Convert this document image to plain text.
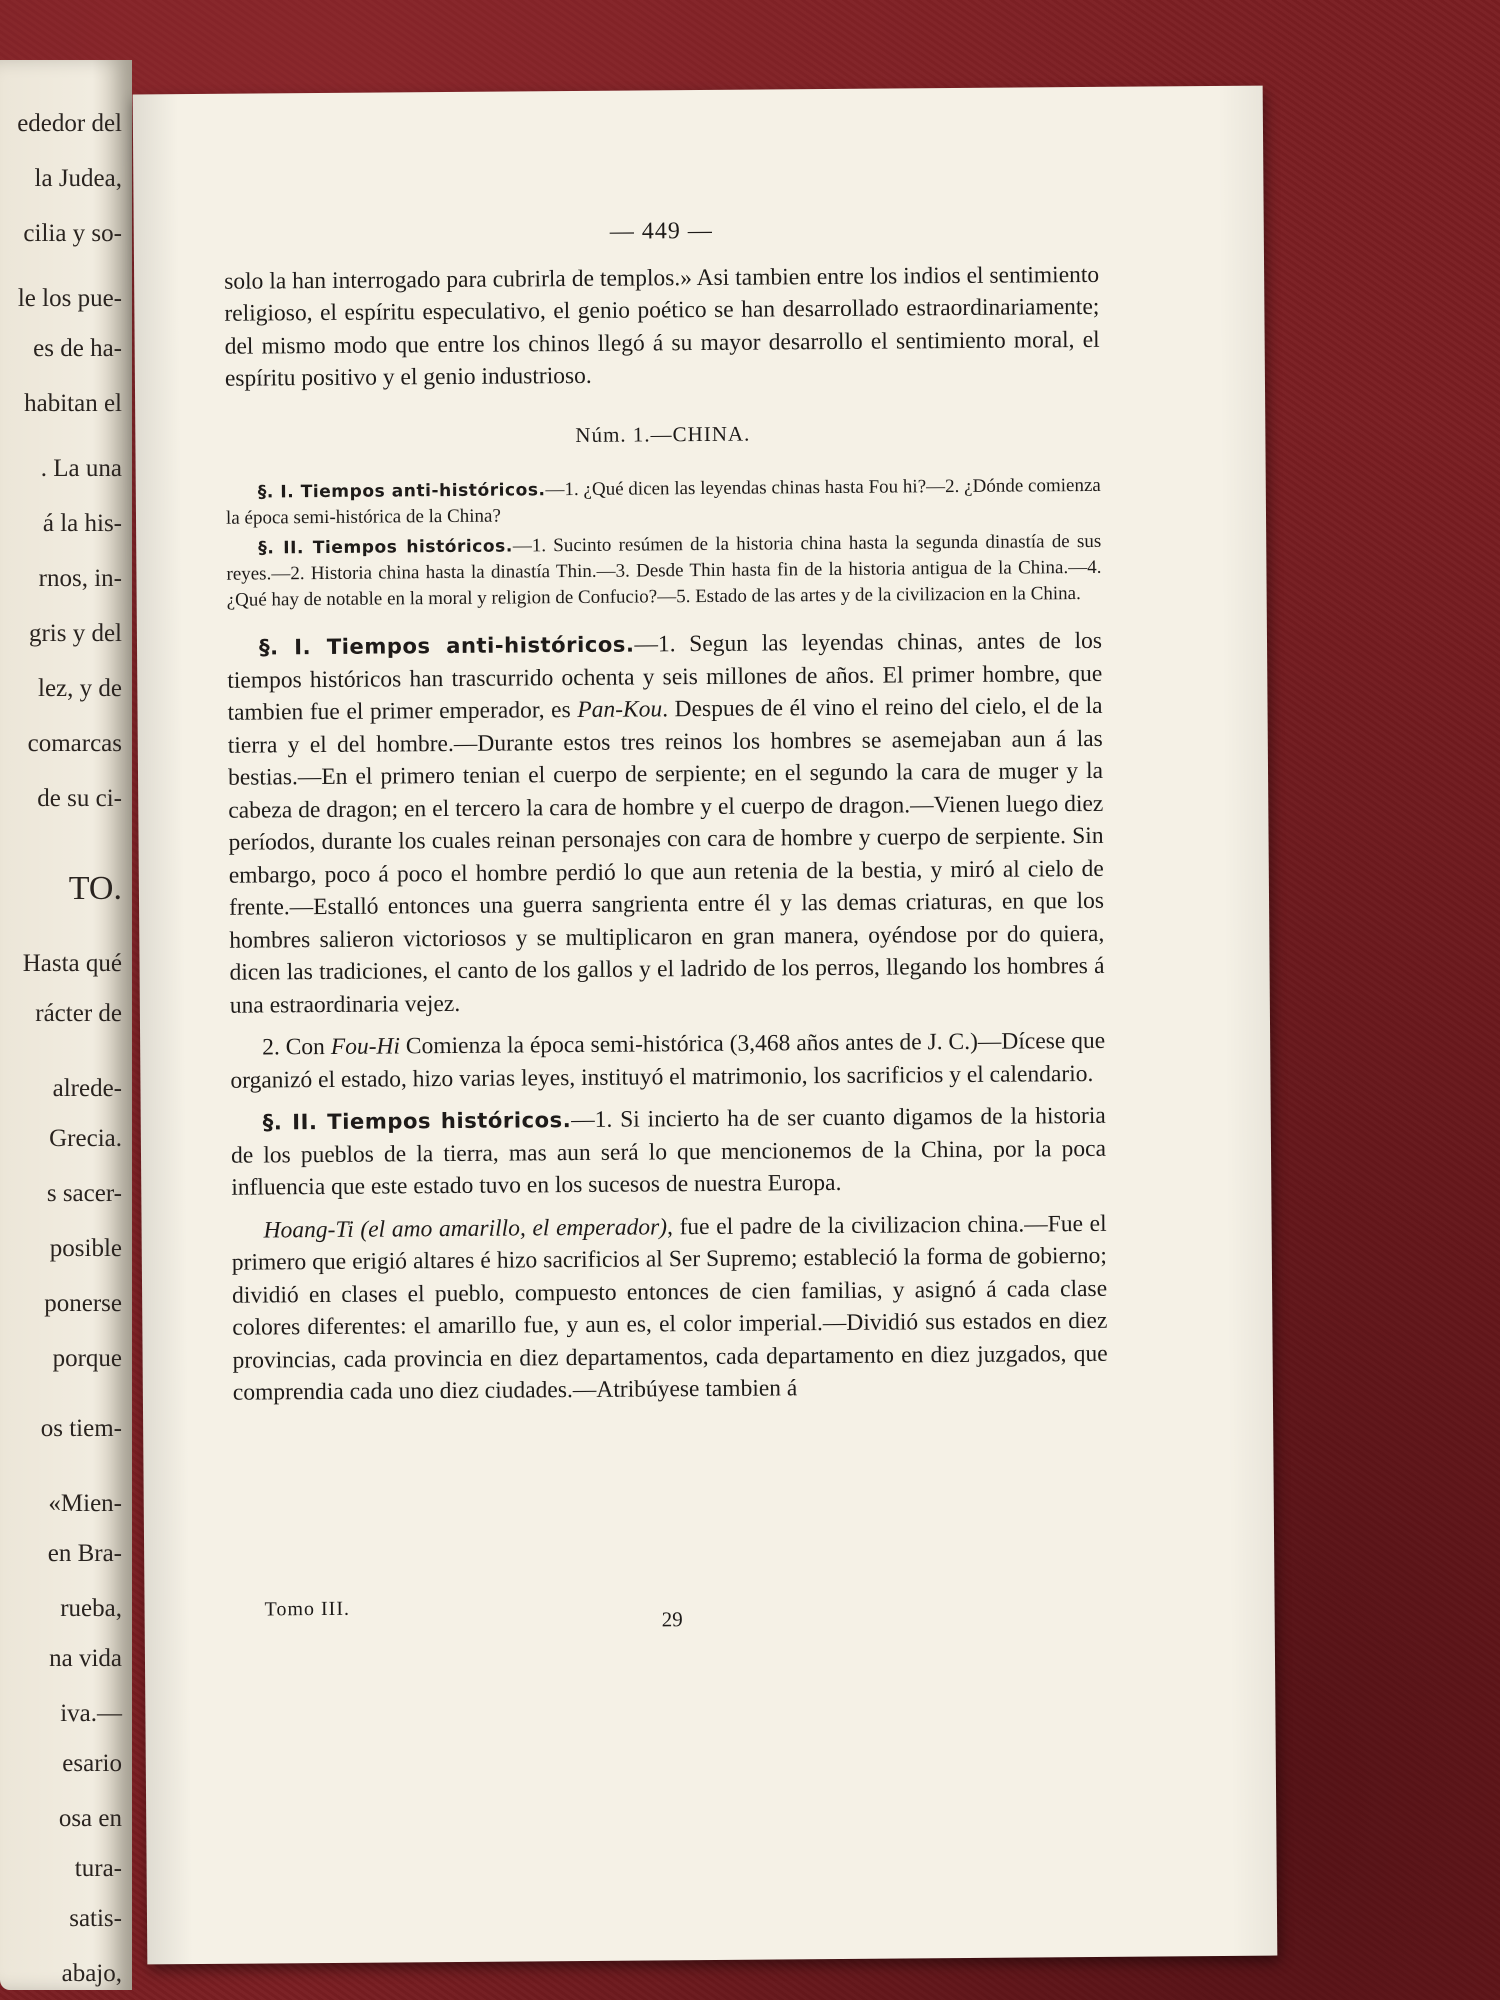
ededor del
la Judea,
cilia y so-
le los pue-
es de ha-
habitan el
. La una
á la his-
rnos, in-
gris y del
lez, y de
comarcas
de su ci-
TO.
Hasta qué
rácter de
alrede-
Grecia.
s sacer-
posible
ponerse
porque
os tiem-
«Mien-
en Bra-
rueba,
na vida
iva.—
esario
osa en
tura-
satis-
abajo,
— 449 —

solo la han interrogado para cubrirla de templos.» Asi tambien entre los indios el sentimiento religioso, el espíritu especulativo, el genio poético se han desarrollado estraordinariamente; del mismo modo que entre los chinos llegó á su mayor desarrollo el sentimiento moral, el espíritu positivo y el genio industrioso.

Núm. 1.—CHINA.

§. I. Tiempos anti-históricos.—1. ¿Qué dicen las leyendas chinas hasta Fou hi?—2. ¿Dónde comienza la época semi-histórica de la China?

§. II. Tiempos históricos.—1. Sucinto resúmen de la historia china hasta la segunda dinastía de sus reyes.—2. Historia china hasta la dinastía Thin.—3. Desde Thin hasta fin de la historia antigua de la China.—4. ¿Qué hay de notable en la moral y religion de Confucio?—5. Estado de las artes y de la civilizacion en la China.

§. I. Tiempos anti-históricos.—1. Segun las leyendas chinas, antes de los tiempos históricos han trascurrido ochenta y seis millones de años. El primer hombre, que tambien fue el primer emperador, es Pan-Kou. Despues de él vino el reino del cielo, el de la tierra y el del hombre.—Durante estos tres reinos los hombres se asemejaban aun á las bestias.—En el primero tenian el cuerpo de serpiente; en el segundo la cara de muger y la cabeza de dragon; en el tercero la cara de hombre y el cuerpo de dragon.—Vienen luego diez períodos, durante los cuales reinan personajes con cara de hombre y cuerpo de serpiente. Sin embargo, poco á poco el hombre perdió lo que aun retenia de la bestia, y miró al cielo de frente.—Estalló entonces una guerra sangrienta entre él y las demas criaturas, en que los hombres salieron victoriosos y se multiplicaron en gran manera, oyéndose por do quiera, dicen las tradiciones, el canto de los gallos y el ladrido de los perros, llegando los hombres á una estraordinaria vejez.

2. Con Fou-Hi Comienza la época semi-histórica (3,468 años antes de J. C.)—Dícese que organizó el estado, hizo varias leyes, instituyó el matrimonio, los sacrificios y el calendario.

§. II. Tiempos históricos.—1. Si incierto ha de ser cuanto digamos de la historia de los pueblos de la tierra, mas aun será lo que mencionemos de la China, por la poca influencia que este estado tuvo en los sucesos de nuestra Europa.

Hoang-Ti (el amo amarillo, el emperador), fue el padre de la civilizacion china.—Fue el primero que erigió altares é hizo sacrificios al Ser Supremo; estableció la forma de gobierno; dividió en clases el pueblo, compuesto entonces de cien familias, y asignó á cada clase colores diferentes: el amarillo fue, y aun es, el color imperial.—Dividió sus estados en diez provincias, cada provincia en diez departamentos, cada departamento en diez juzgados, que comprendia cada uno diez ciudades.—Atribúyese tambien á

Tomo III.	29
